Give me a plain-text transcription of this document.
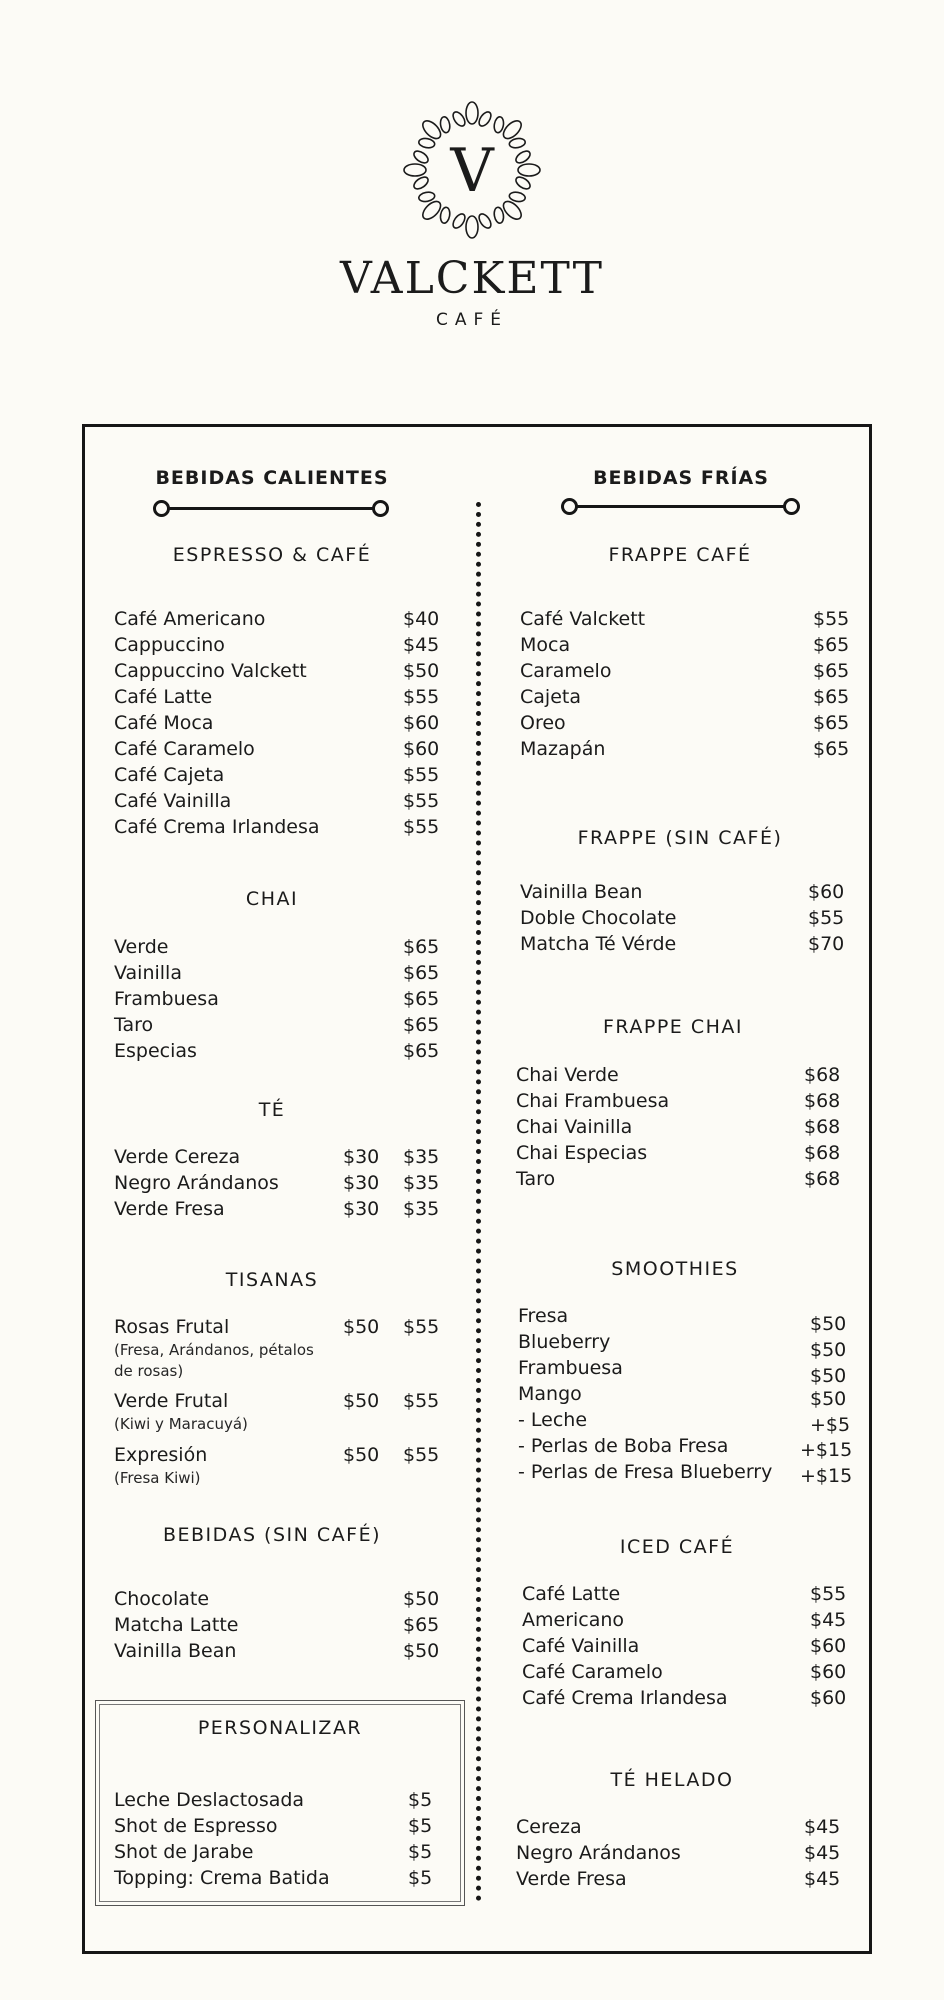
V
VALCKETT
CAFÉ
BEBIDAS CALIENTES	BEBIDAS FRÍAS
ESPRESSO & CAFÉ
Café Americano	$40
Cappuccino	$45
Cappuccino Valckett	$50
Café Latte	$55
Café Moca	$60
Café Caramelo	$60
Café Cajeta	$55
Café Vainilla	$55
Café Crema Irlandesa	$55
CHAI
Verde	$65
Vainilla	$65
Frambuesa	$65
Taro	$65
Especias	$65
TÉ
Verde Cereza	$30 $35
Negro Arándanos	$30 $35
Verde Fresa	$30 $35
TISANAS
Rosas Frutal	$50 $55
(Fresa, Arándanos, pétalos de rosas)
Verde Frutal	$50 $55
(Kiwi y Maracuyá)
Expresión	$50 $55
(Fresa Kiwi)
BEBIDAS (SIN CAFÉ)
Chocolate	$50
Matcha Latte	$65
Vainilla Bean	$50
PERSONALIZAR
Leche Deslactosada	$5
Shot de Espresso	$5
Shot de Jarabe	$5
Topping: Crema Batida	$5
FRAPPE CAFÉ
Café Valckett	$55
Moca	$65
Caramelo	$65
Cajeta	$65
Oreo	$65
Mazapán	$65
FRAPPE (SIN CAFÉ)
Vainilla Bean	$60
Doble Chocolate	$55
Matcha Té Vérde	$70
FRAPPE CHAI
Chai Verde	$68
Chai Frambuesa	$68
Chai Vainilla	$68
Chai Especias	$68
Taro	$68
SMOOTHIES
Fresa	$50
Blueberry	$50
Frambuesa	$50
Mango	$50
- Leche	+$5
- Perlas de Boba Fresa	+$15
- Perlas de Fresa Blueberry +$15
ICED CAFÉ
Café Latte	$55
Americano	$45
Café Vainilla	$60
Café Caramelo	$60
Café Crema Irlandesa	$60
TÉ HELADO
Cereza	$45
Negro Arándanos	$45
Verde Fresa	$45
